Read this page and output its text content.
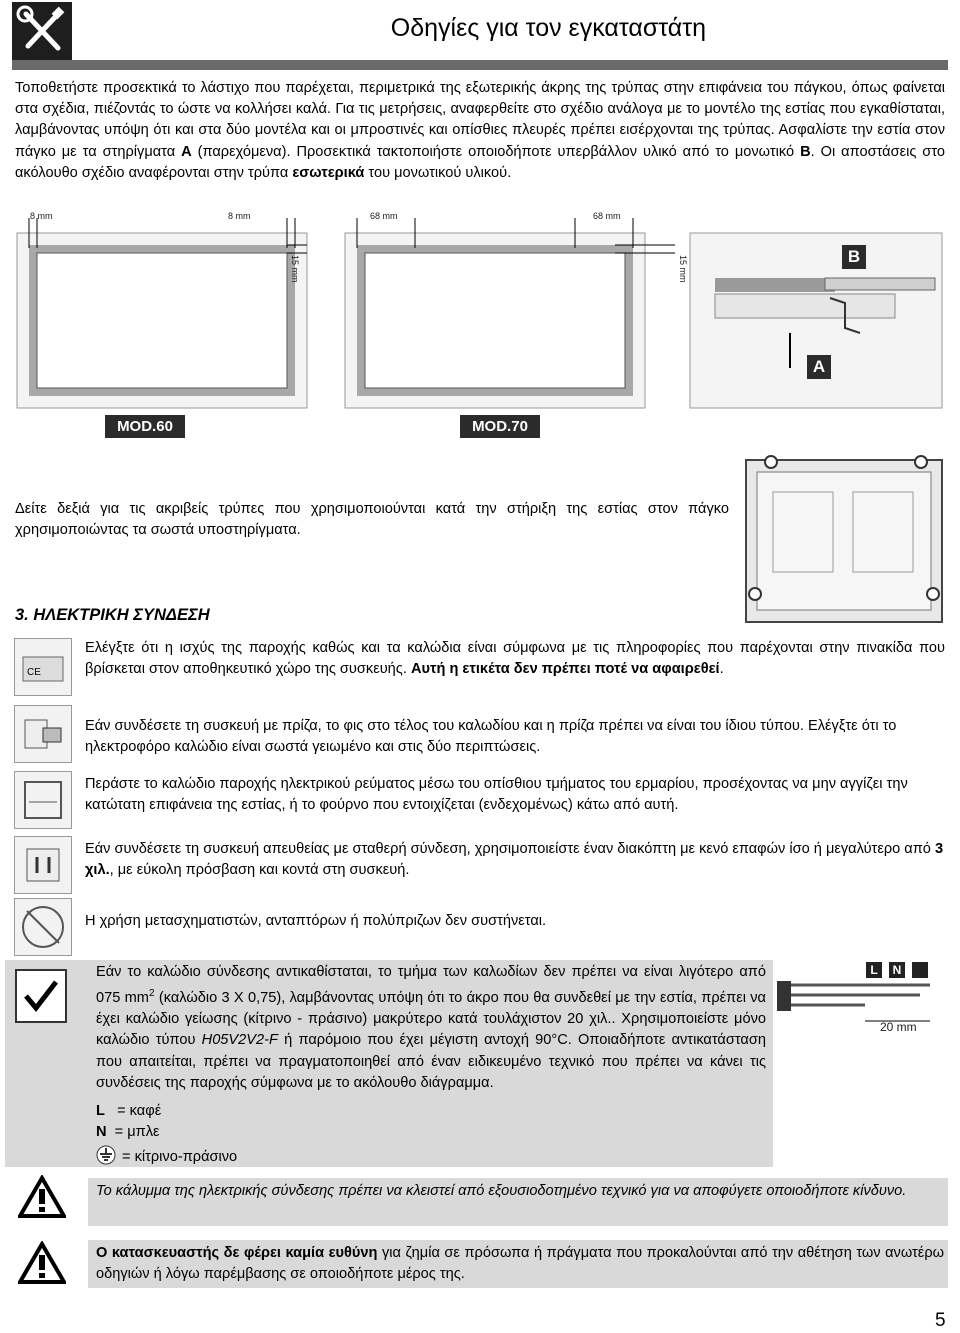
Οδηγίες για τον εγκαταστάτη
Τοποθετήστε προσεκτικά το λάστιχο που παρέχεται, περιμετρικά της εξωτερικής άκρης της τρύπας στην επιφάνεια του πάγκου, όπως φαίνεται στα σχέδια, πιέζοντάς το ώστε να κολλήσει καλά. Για τις μετρήσεις, αναφερθείτε στο σχέδιο ανάλογα με το μοντέλο της εστίας που εγκαθίσταται, λαμβάνοντας υπόψη ότι και στα δύο μοντέλα και οι μπροστινές και οπίσθιες πλευρές πρέπει εισέρχονται της τρύπας. Ασφαλίστε την εστία στον πάγκο με τα στηρίγματα A (παρεχόμενα). Προσεκτικά τακτοποιήστε οποιοδήποτε υπερβάλλον υλικό από το μονωτικό B. Οι αποστάσεις στο ακόλουθο σχέδιο αναφέρονται στην τρύπα εσωτερικά του μονωτικού υλικού.
8 mm	8 mm
15 mm
68 mm	68 mm
15 mm
MOD.60	MOD.70
B
A
Δείτε δεξιά για τις ακριβείς τρύπες που χρησιμοποιούνται κατά την στήριξη της εστίας στον πάγκο χρησιμοποιώντας τα σωστά υποστηρίγματα.
3. ΗΛΕΚΤΡΙΚΗ ΣΥΝΔΕΣΗ
CE
Ελέγξτε ότι η ισχύς της παροχής καθώς και τα καλώδια είναι σύμφωνα με τις πληροφορίες που παρέχονται στην πινακίδα που βρίσκεται στον αποθηκευτικό χώρο της συσκευής. Αυτή η ετικέτα δεν πρέπει ποτέ να αφαιρεθεί.
Εάν συνδέσετε τη συσκευή με πρίζα, το φις στο τέλος του καλωδίου και η πρίζα πρέπει να είναι του ίδιου τύπου. Ελέγξτε ότι το ηλεκτροφόρο καλώδιο είναι σωστά γειωμένο και στις δύο περιπτώσεις.
Περάστε το καλώδιο παροχής ηλεκτρικού ρεύματος μέσω του οπίσθιου τμήματος του ερμαρίου, προσέχοντας να μην αγγίζει την κατώτατη επιφάνεια της εστίας, ή το φούρνο που εντοιχίζεται (ενδεχομένως) κάτω από αυτή.
Εάν συνδέσετε τη συσκευή απευθείας με σταθερή σύνδεση, χρησιμοποιείστε έναν διακόπτη με κενό επαφών ίσο ή μεγαλύτερο από 3 χιλ., με εύκολη πρόσβαση και κοντά στη συσκευή.
Η χρήση μετασχηματιστών, ανταπτόρων ή πολύπριζων δεν συστήνεται.
Εάν το καλώδιο σύνδεσης αντικαθίσταται, το τμήμα των καλωδίων δεν πρέπει να είναι λιγότερο από 075 $mm^2$ (καλώδιο 3 X 0,75), λαμβάνοντας υπόψη ότι το άκρο που θα συνδεθεί με την εστία, πρέπει να έχει καλώδιο γείωσης (κίτρινο - πράσινο) μακρύτερο κατά τουλάχιστον 20 χιλ.. Χρησιμοποιείστε μόνο καλώδιο τύπου H05V2V2-F ή παρόμοιο που έχει μέγιστη αντοχή 90°C. Οποιαδήποτε αντικατάσταση που απαιτείται, πρέπει να πραγματοποιηθεί από έναν ειδικευμένο τεχνικό που πρέπει να κάνει τις συνδέσεις της παροχής σύμφωνα με το ακόλουθο διάγραμμα.
L = καφέ
N = μπλε
= κίτρινο-πράσινο
L	N
20 mm
Το κάλυμμα της ηλεκτρικής σύνδεσης πρέπει να κλειστεί από εξουσιοδοτημένο τεχνικό για να αποφύγετε οποιοδήποτε κίνδυνο.
Ο κατασκευαστής δε φέρει καμία ευθύνη για ζημία σε πρόσωπα ή πράγματα που προκαλούνται από την αθέτηση των ανωτέρω οδηγιών ή λόγω παρέμβασης σε οποιοδήποτε μέρος της.
5
